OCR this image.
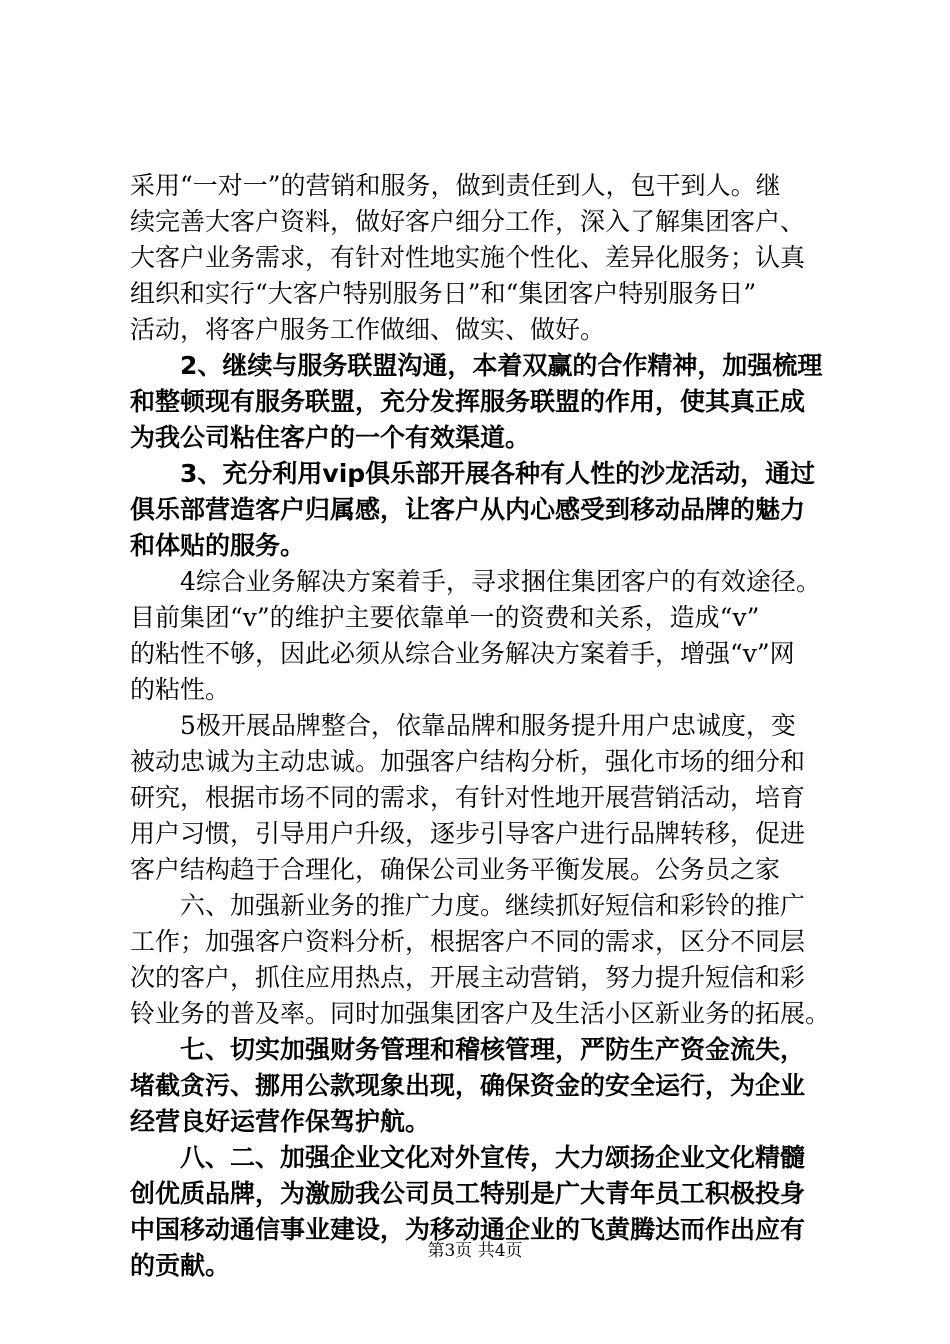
采用“一对一”的营销和服务，做到责任到人，包干到人。继
续完善大客户资料，做好客户细分工作，深入了解集团客户、
大客户业务需求，有针对性地实施个性化、差异化服务；认真
组织和实行“大客户特别服务日”和“集团客户特别服务日”
活动，将客户服务工作做细、做实、做好。
2、继续与服务联盟沟通，本着双赢的合作精神，加强梳理
和整顿现有服务联盟，充分发挥服务联盟的作用，使其真正成
为我公司粘住客户的一个有效渠道。
3、充分利用vip俱乐部开展各种有人性的沙龙活动，通过
俱乐部营造客户归属感，让客户从内心感受到移动品牌的魅力
和体贴的服务。
4综合业务解决方案着手，寻求捆住集团客户的有效途径。
目前集团“v”的维护主要依靠单一的资费和关系，造成“v”
的粘性不够，因此必须从综合业务解决方案着手，增强“v”网
的粘性。
5极开展品牌整合，依靠品牌和服务提升用户忠诚度，变
被动忠诚为主动忠诚。加强客户结构分析，强化市场的细分和
研究，根据市场不同的需求，有针对性地开展营销活动，培育
用户习惯，引导用户升级，逐步引导客户进行品牌转移，促进
客户结构趋于合理化，确保公司业务平衡发展。公务员之家
六、加强新业务的推广力度。继续抓好短信和彩铃的推广
工作；加强客户资料分析，根据客户不同的需求，区分不同层
次的客户，抓住应用热点，开展主动营销，努力提升短信和彩
铃业务的普及率。同时加强集团客户及生活小区新业务的拓展。
七、切实加强财务管理和稽核管理，严防生产资金流失，
堵截贪污、挪用公款现象出现，确保资金的安全运行，为企业
经营良好运营作保驾护航。
八、二、加强企业文化对外宣传，大力颂扬企业文化精髓
创优质品牌，为激励我公司员工特别是广大青年员工积极投身
中国移动通信事业建设，为移动通企业的飞黄腾达而作出应有
的贡献。	第3页 共4页
